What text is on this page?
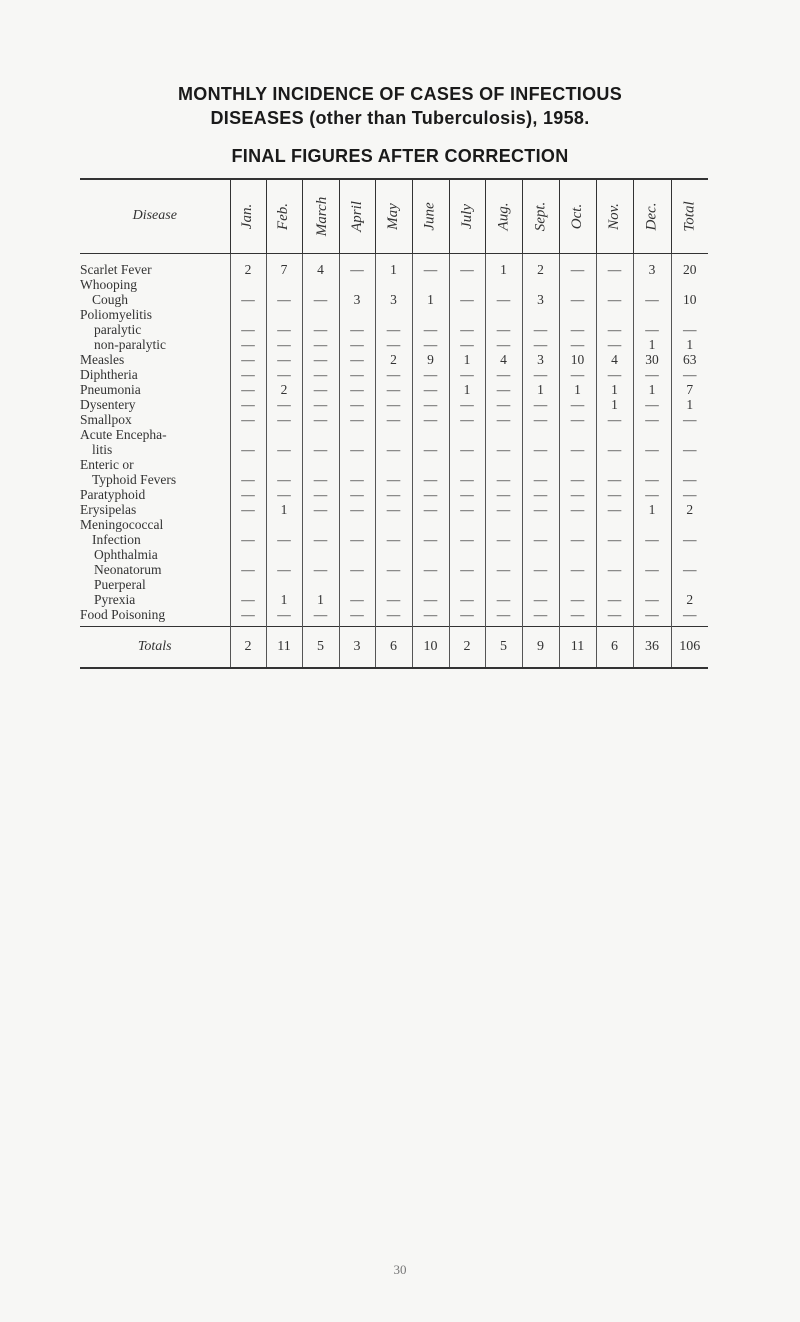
MONTHLY INCIDENCE OF CASES OF INFECTIOUS
DISEASES (other than Tuberculosis), 1958.
FINAL FIGURES AFTER CORRECTION
Disease	Jan.	Feb.	March	April	May	June	July	Aug.	Sept.	Oct.	Nov.	Dec.	Total

Scarlet Fever	2	7	4	—	1	—	—	1	2	—	—	3	20

Whooping
Cough	—	—	—	3	3	1	—	—	3	—	—	—	10

Poliomyelitis													

paralytic	—	—	—	—	—	—	—	—	—	—	—	—	—

non-paralytic	—	—	—	—	—	—	—	—	—	—	—	1	1

Measles	—	—	—	—	2	9	1	4	3	10	4	30	63

Diphtheria	—	—	—	—	—	—	—	—	—	—	—	—	—

Pneumonia	—	2	—	—	—	—	1	—	1	1	1	1	7

Dysentery	—	—	—	—	—	—	—	—	—	—	1	—	1

Smallpox	—	—	—	—	—	—	—	—	—	—	—	—	—

Acute Encepha-
litis	—	—	—	—	—	—	—	—	—	—	—	—	—

Enteric or
Typhoid Fevers	—	—	—	—	—	—	—	—	—	—	—	—	—

Paratyphoid	—	—	—	—	—	—	—	—	—	—	—	—	—

Erysipelas	—	1	—	—	—	—	—	—	—	—	—	1	2

Meningococcal
Infection	—	—	—	—	—	—	—	—	—	—	—	—	—

Ophthalmia
Neonatorum	—	—	—	—	—	—	—	—	—	—	—	—	—

Puerperal
Pyrexia	—	1	1	—	—	—	—	—	—	—	—	—	2

Food Poisoning	—	—	—	—	—	—	—	—	—	—	—	—	—
Totals	2	11	5	3	6	10	2	5	9	11	6	36	106
30
